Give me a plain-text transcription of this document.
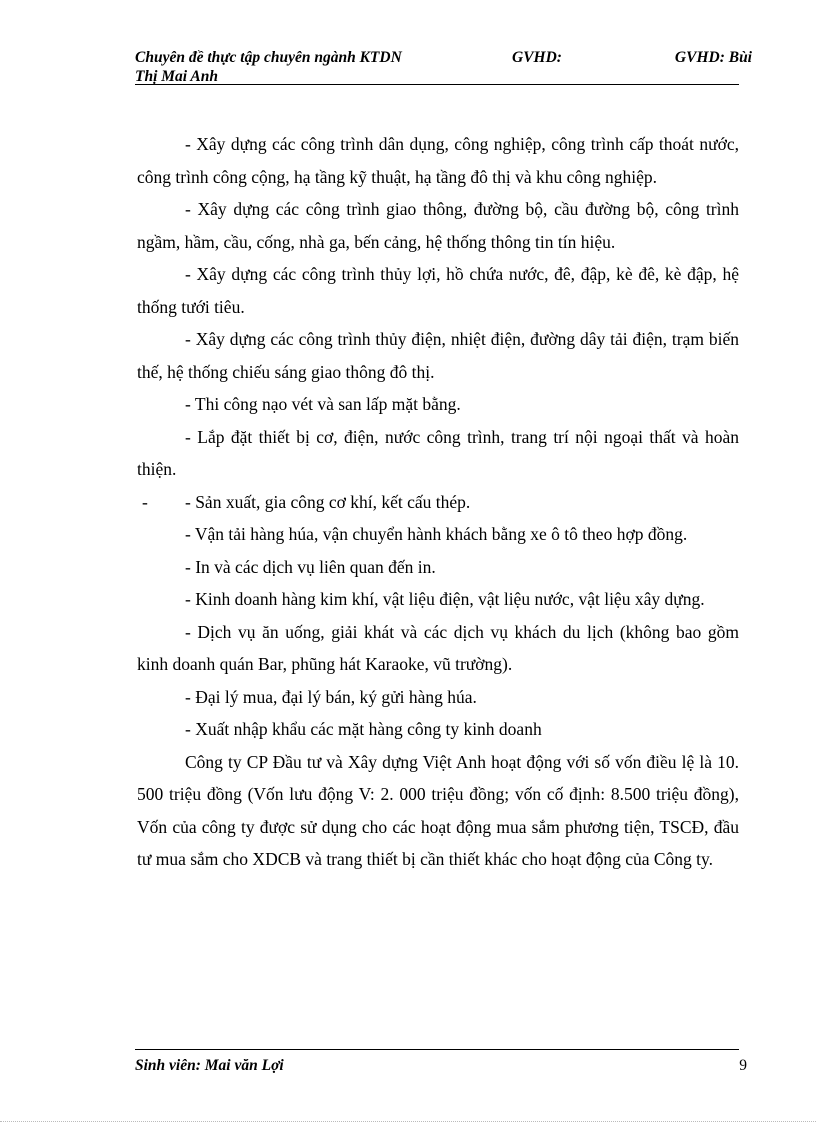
Chuyên đề thực tập chuyên ngành KTDN	GVHD:	GVHD: Bùi
Thị Mai Anh

- Xây dựng các công trình dân dụng, công nghiệp, công trình cấp thoát nước, công trình công cộng, hạ tầng kỹ thuật, hạ tầng đô thị và khu công nghiệp.

- Xây dựng các công trình giao thông, đường bộ, cầu đường bộ, công trình ngầm, hầm, cầu, cống, nhà ga, bến cảng, hệ thống thông tin tín hiệu.

- Xây dựng các công trình thủy lợi, hồ chứa nước, đê, đập, kè đê, kè đập, hệ thống tưới tiêu.

- Xây dựng các công trình thủy điện, nhiệt điện, đường dây tải điện, trạm biến thế, hệ thống chiếu sáng giao thông đô thị.

- Thi công nạo vét và san lấp mặt bằng.

- Lắp đặt thiết bị cơ, điện, nước công trình, trang trí nội ngoại thất và hoàn thiện.

- - Sản xuất, gia công cơ khí, kết cấu thép.

- Vận tải hàng húa, vận chuyển hành khách bằng xe ô tô theo hợp đồng.

- In và các dịch vụ liên quan đến in.

- Kinh doanh hàng kim khí, vật liệu điện, vật liệu nước, vật liệu xây dựng.

- Dịch vụ ăn uống, giải khát và các dịch vụ khách du lịch (không bao gồm kinh doanh quán Bar, phũng hát Karaoke, vũ trường).

- Đại lý mua, đại lý bán, ký gửi hàng húa.

- Xuất nhập khẩu các mặt hàng công ty kinh doanh

Công ty CP Đầu tư và Xây dựng Việt Anh hoạt động với số vốn điều lệ là 10. 500 triệu đồng (Vốn lưu động V: 2. 000 triệu đồng; vốn cố định: 8.500 triệu đồng), Vốn của công ty được sử dụng cho các hoạt động mua sắm phương tiện, TSCĐ, đầu tư mua sắm cho XDCB và trang thiết bị cần thiết khác cho hoạt động của Công ty.

Sinh viên: Mai văn Lợi	9
